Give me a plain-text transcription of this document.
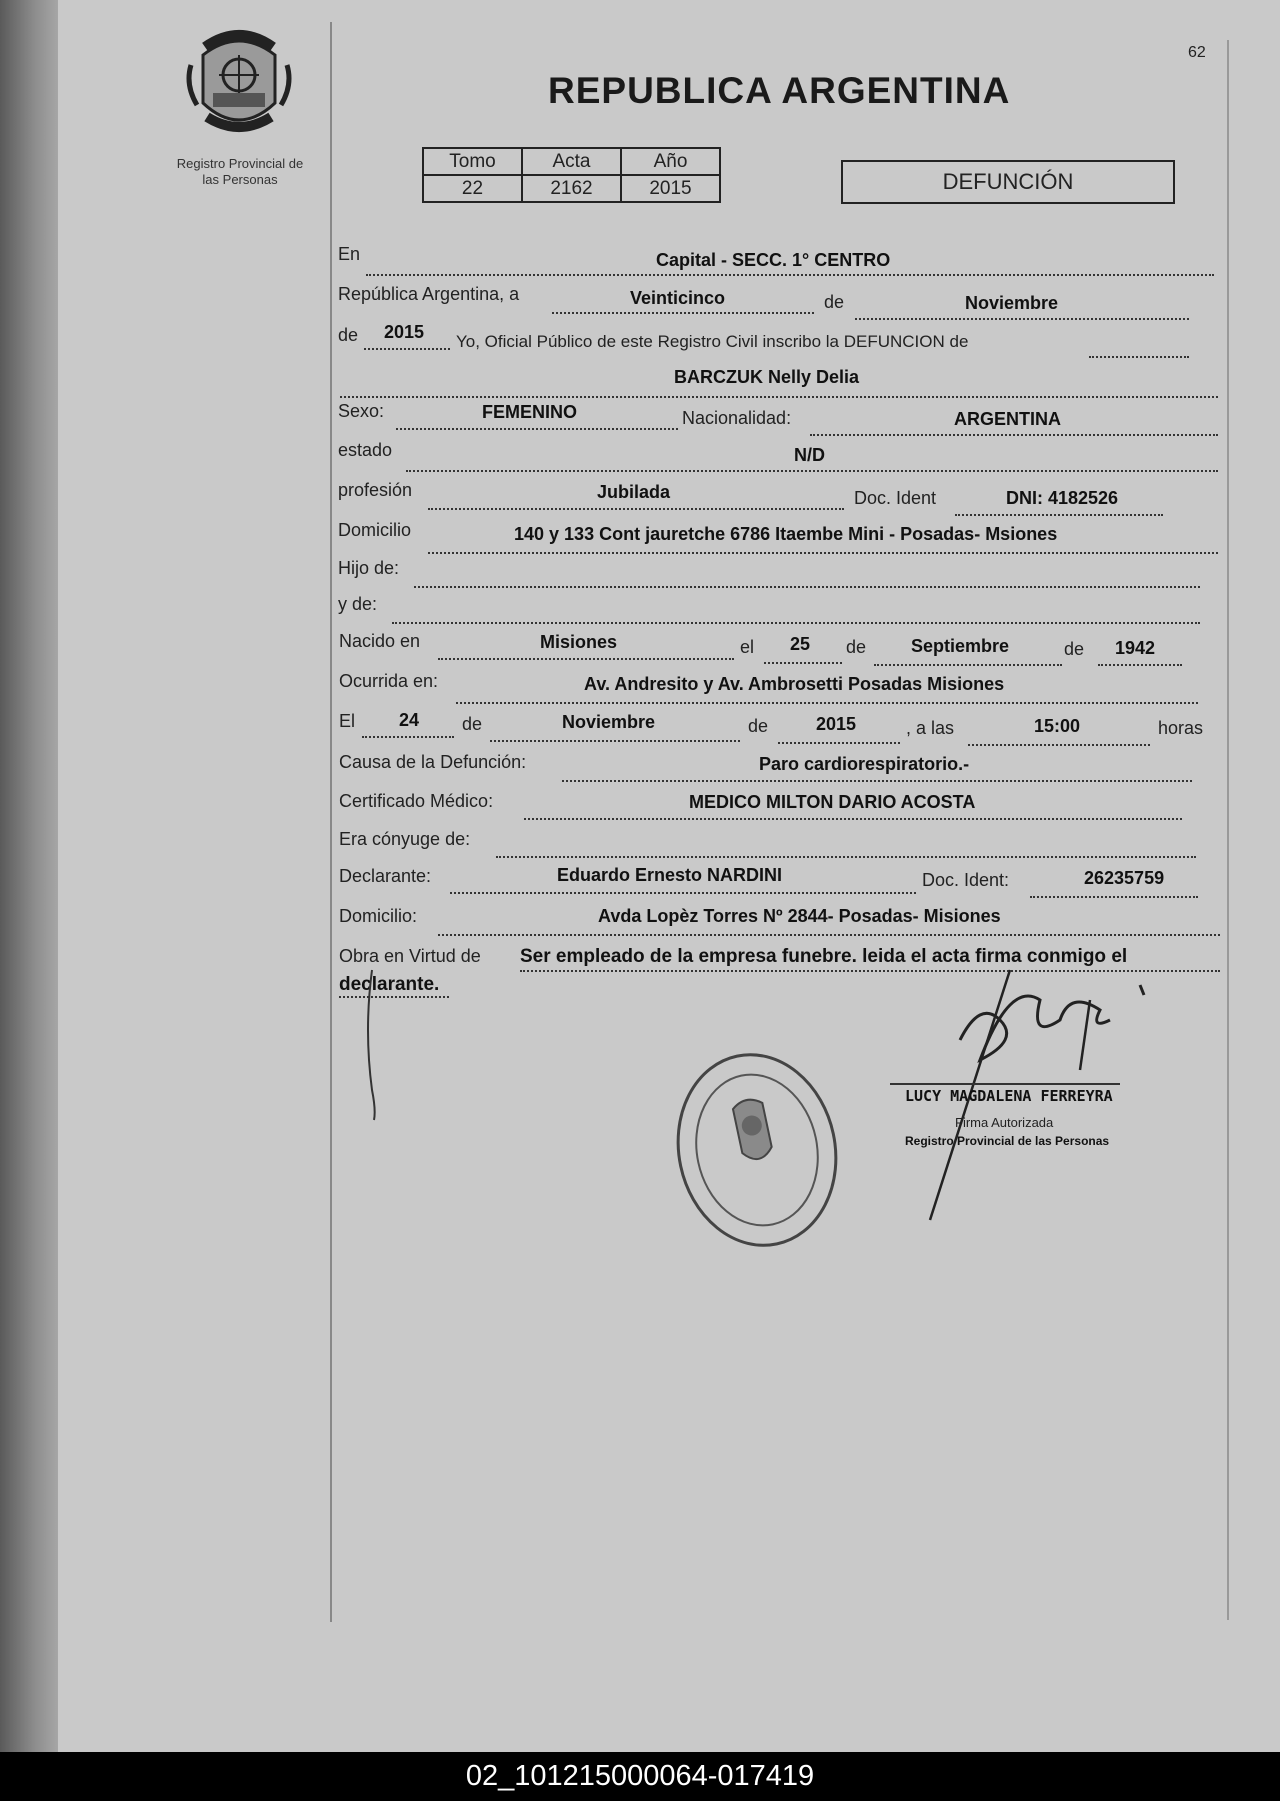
Registro Provincial de
las Personas
62
REPUBLICA ARGENTINA
Tomo	Acta	Año
22	2162	2015	DEFUNCIÓN
En	Capital - SECC. 1° CENTRO
República Argentina, a	Veinticinco	de	Noviembre
de 2015 Yo, Oficial Público de este Registro Civil inscribo la DEFUNCION de
BARCZUK Nelly Delia
Sexo:	FEMENINO	Nacionalidad:	ARGENTINA
estado	N/D
profesión	Jubilada	Doc. Ident	DNI: 4182526
Domicilio	140 y 133 Cont jauretche 6786 Itaembe Mini - Posadas- Msiones
Hijo de:
y de:
Nacido en	Misiones	el 25 de Septiembre	de 1942
Ocurrida en:	Av. Andresito y Av. Ambrosetti Posadas Misiones
El 24 de	Noviembre	de	2015	, a las	15:00	horas
Causa de la Defunción:	Paro cardiorespiratorio.-
Certificado Médico:	MEDICO MILTON DARIO ACOSTA
Era cónyuge de:
Declarante:	Eduardo Ernesto NARDINI	Doc. Ident:	26235759
Domicilio:	Avda Lopèz Torres Nº 2844- Posadas- Misiones
Obra en Virtud de Ser empleado de la empresa funebre. leida el acta firma conmigo el
declarante.
LUCY MAGDALENA FERREYRA
Firma Autorizada
Registro Provincial de las Personas
02_101215000064-017419
